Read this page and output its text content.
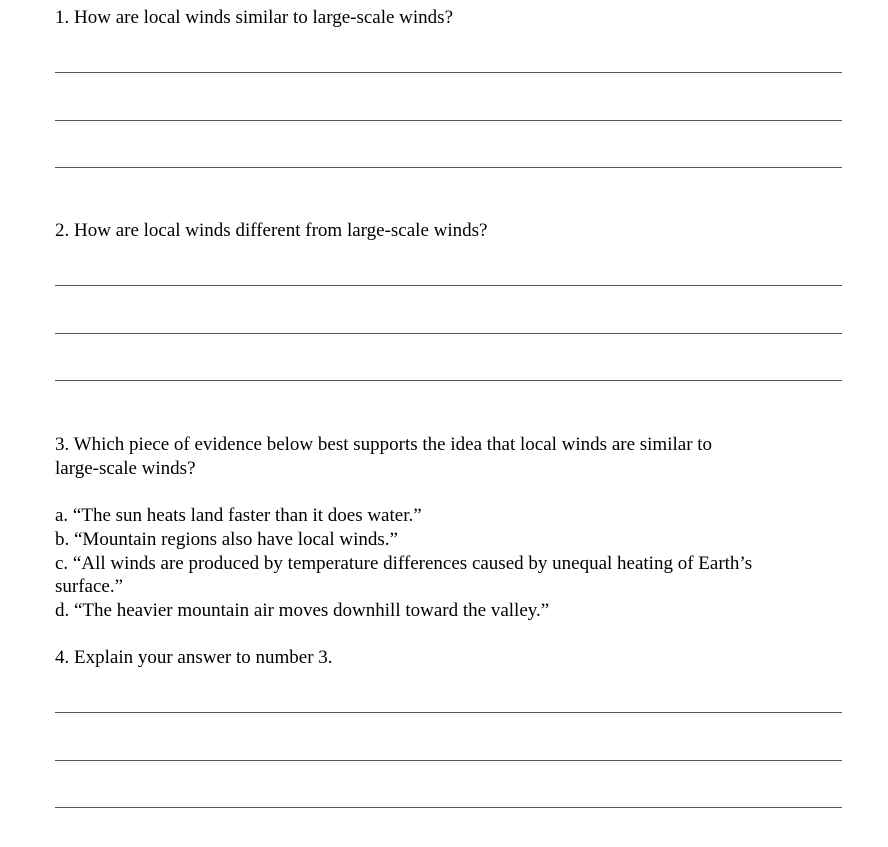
1. How are local winds similar to large-scale winds?

2. How are local winds different from large-scale winds?

3. Which piece of evidence below best supports the idea that local winds are similar to

large-scale winds?

a. “The sun heats land faster than it does water.”

b. “Mountain regions also have local winds.”

c. “All winds are produced by temperature differences caused by unequal heating of Earth’s

surface.”

d. “The heavier mountain air moves downhill toward the valley.”

4. Explain your answer to number 3.
